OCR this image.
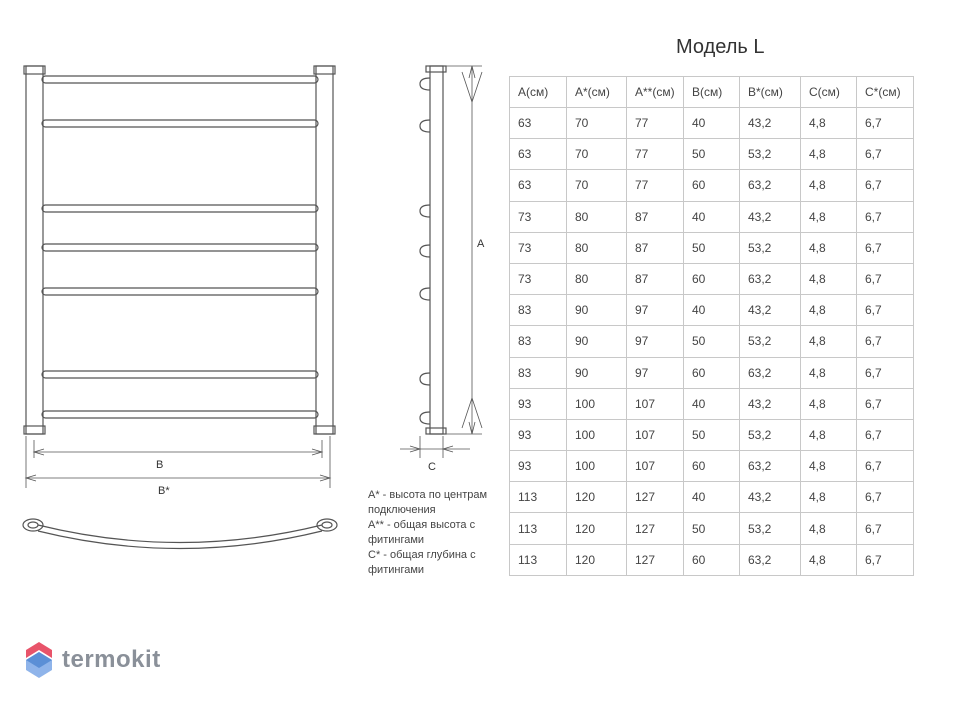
B
B*
A
C
Модель L
A(см)	A*(см)	A**(см)	B(см)	B*(см)	C(см)	C*(см)
63	70	77	40	43,2	4,8	6,7
63	70	77	50	53,2	4,8	6,7
63	70	77	60	63,2	4,8	6,7
73	80	87	40	43,2	4,8	6,7
73	80	87	50	53,2	4,8	6,7
73	80	87	60	63,2	4,8	6,7
83	90	97	40	43,2	4,8	6,7
83	90	97	50	53,2	4,8	6,7
83	90	97	60	63,2	4,8	6,7
93	100	107	40	43,2	4,8	6,7
93	100	107	50	53,2	4,8	6,7
93	100	107	60	63,2	4,8	6,7
113	120	127	40	43,2	4,8	6,7
113	120	127	50	53,2	4,8	6,7
113	120	127	60	63,2	4,8	6,7
A* - высота по центрам подключения
A** - общая высота с фитингами
C* - общая глубина с фитингами
termokit
